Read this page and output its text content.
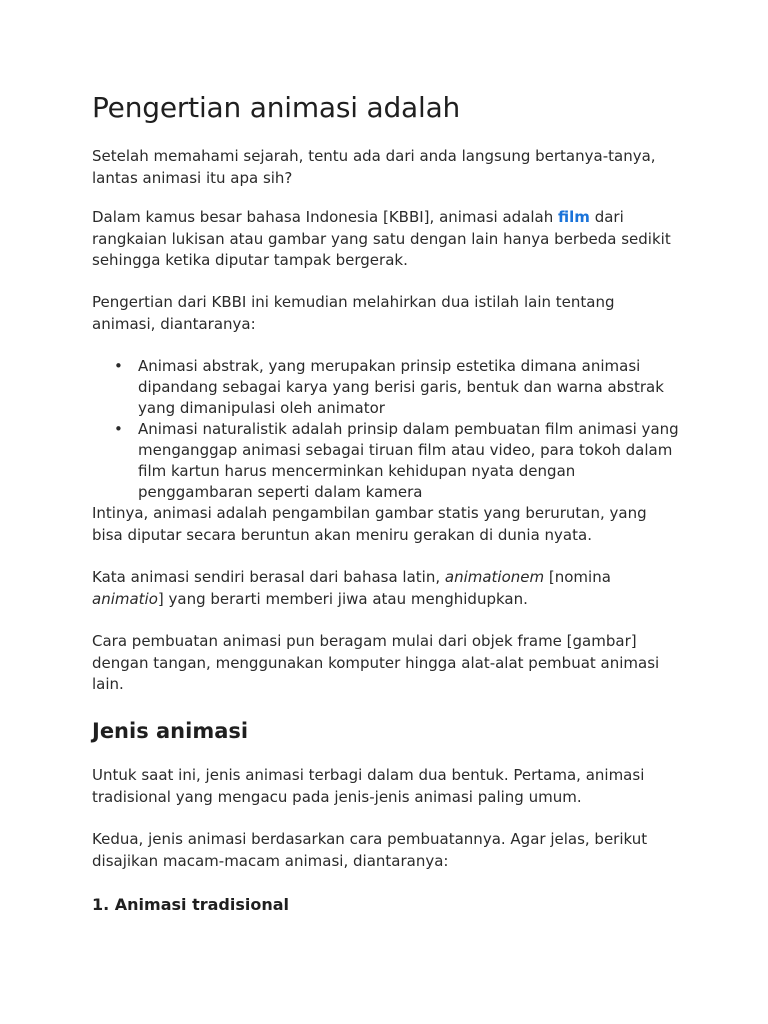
Pengertian animasi adalah

Setelah memahami sejarah, tentu ada dari anda langsung bertanya-tanya, lantas animasi itu apa sih?

Dalam kamus besar bahasa Indonesia [KBBI], animasi adalah film dari rangkaian lukisan atau gambar yang satu dengan lain hanya berbeda sedikit sehingga ketika diputar tampak bergerak.

Pengertian dari KBBI ini kemudian melahirkan dua istilah lain tentang animasi, diantaranya:

• Animasi abstrak, yang merupakan prinsip estetika dimana animasi dipandang sebagai karya yang berisi garis, bentuk dan warna abstrak yang dimanipulasi oleh animator
• Animasi naturalistik adalah prinsip dalam pembuatan film animasi yang menganggap animasi sebagai tiruan film atau video, para tokoh dalam film kartun harus mencerminkan kehidupan nyata dengan penggambaran seperti dalam kamera

Intinya, animasi adalah pengambilan gambar statis yang berurutan, yang bisa diputar secara beruntun akan meniru gerakan di dunia nyata.

Kata animasi sendiri berasal dari bahasa latin, animationem [nomina animatio] yang berarti memberi jiwa atau menghidupkan.

Cara pembuatan animasi pun beragam mulai dari objek frame [gambar] dengan tangan, menggunakan komputer hingga alat-alat pembuat animasi lain.

Jenis animasi

Untuk saat ini, jenis animasi terbagi dalam dua bentuk. Pertama, animasi tradisional yang mengacu pada jenis-jenis animasi paling umum.

Kedua, jenis animasi berdasarkan cara pembuatannya. Agar jelas, berikut disajikan macam-macam animasi, diantaranya:

1. Animasi tradisional
